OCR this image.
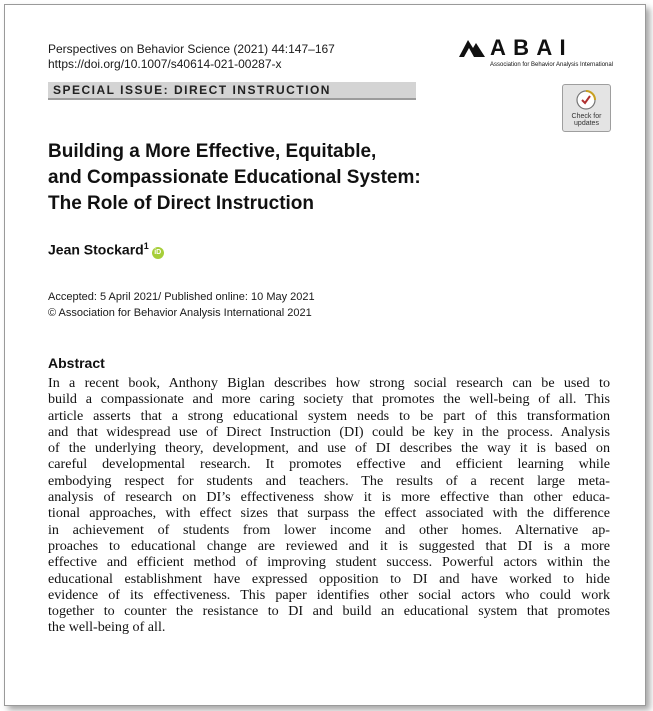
Perspectives on Behavior Science (2021) 44:147–167
https://doi.org/10.1007/s40614-021-00287-x
A B A I
Association for Behavior Analysis International
SPECIAL ISSUE: DIRECT INSTRUCTION
Check for
updates
Building a More Effective, Equitable,
and Compassionate Educational System:
The Role of Direct Instruction
Jean Stockard$^1$iD
Accepted: 5 April 2021/ Published online: 10 May 2021
© Association for Behavior Analysis International 2021
Abstract
In a recent book, Anthony Biglan describes how strong social research can be used to
build a compassionate and more caring society that promotes the well-being of all. This
article asserts that a strong educational system needs to be part of this transformation
and that widespread use of Direct Instruction (DI) could be key in the process. Analysis
of the underlying theory, development, and use of DI describes the way it is based on
careful developmental research. It promotes effective and efficient learning while
embodying respect for students and teachers. The results of a recent large meta-
analysis of research on DI’s effectiveness show it is more effective than other educa-
tional approaches, with effect sizes that surpass the effect associated with the difference
in achievement of students from lower income and other homes. Alternative ap-
proaches to educational change are reviewed and it is suggested that DI is a more
effective and efficient method of improving student success. Powerful actors within the
educational establishment have expressed opposition to DI and have worked to hide
evidence of its effectiveness. This paper identifies other social actors who could work
together to counter the resistance to DI and build an educational system that promotes
the well-being of all.
